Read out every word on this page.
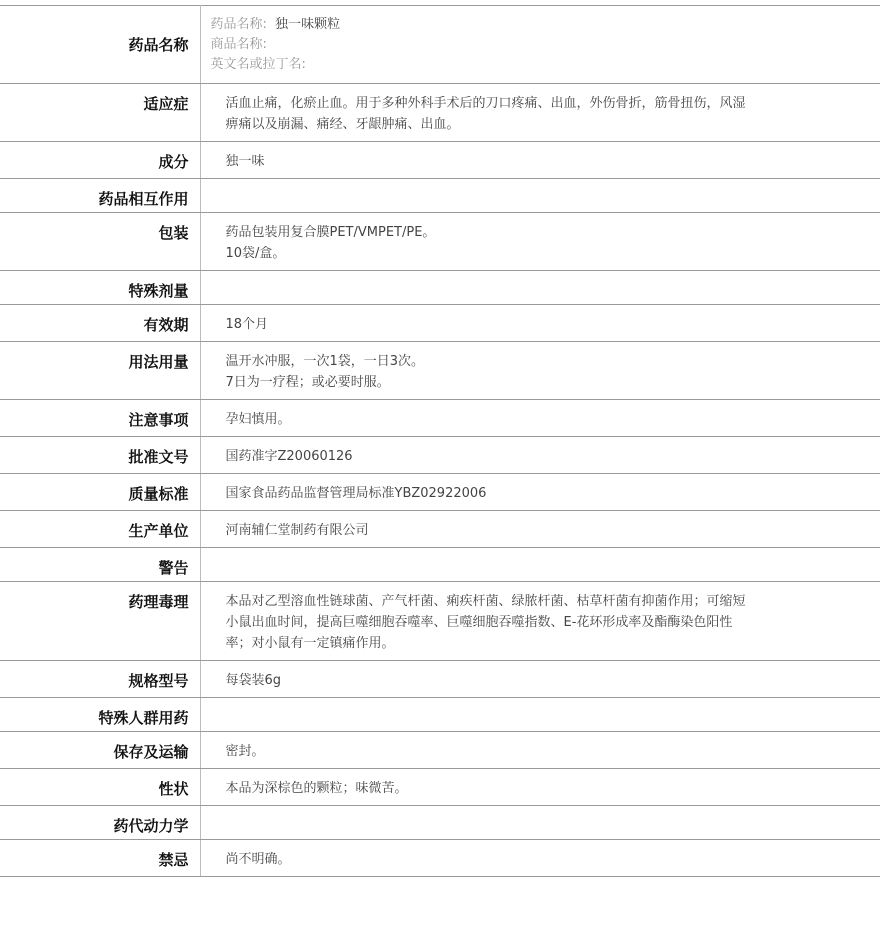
药品名称	药品名称: 独一味颗粒
商品名称:
英文名或拉丁名:

适应症	活血止痛，化瘀止血。用于多种外科手术后的刀口疼痛、出血，外伤骨折，筋骨扭伤，风湿
痹痛以及崩漏、痛经、牙龈肿痛、出血。

成分	独一味

药品相互作用	
包装	药品包装用复合膜PET/VMPET/PE。
10袋/盒。

特殊剂量	
有效期	18个月

用法用量	温开水冲服，一次1袋，一日3次。
7日为一疗程；或必要时服。

注意事项	孕妇慎用。

批准文号	国药准字Z20060126

质量标准	国家食品药品监督管理局标准YBZ02922006

生产单位	河南辅仁堂制药有限公司

警告	
药理毒理	本品对乙型溶血性链球菌、产气杆菌、痢疾杆菌、绿脓杆菌、枯草杆菌有抑菌作用；可缩短
小鼠出血时间，提高巨噬细胞吞噬率、巨噬细胞吞噬指数、E-花环形成率及酯酶染色阳性
率；对小鼠有一定镇痛作用。

规格型号	每袋装6g

特殊人群用药	
保存及运输	密封。

性状	本品为深棕色的颗粒；味微苦。

药代动力学	
禁忌	尚不明确。
